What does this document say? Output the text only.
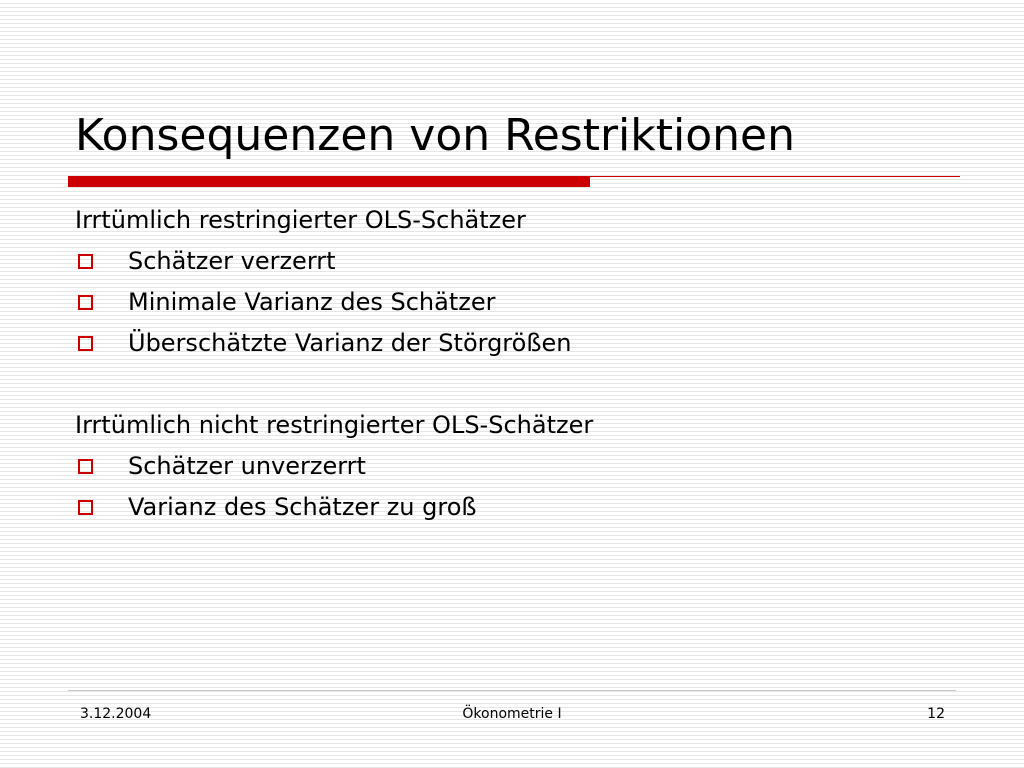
Konsequenzen von Restriktionen
Irrtümlich restringierter OLS-Schätzer
Schätzer verzerrt
Minimale Varianz des Schätzer
Überschätzte Varianz der Störgrößen
Irrtümlich nicht restringierter OLS-Schätzer
Schätzer unverzerrt
Varianz des Schätzer zu groß
3.12.2004	Ökonometrie I	12
